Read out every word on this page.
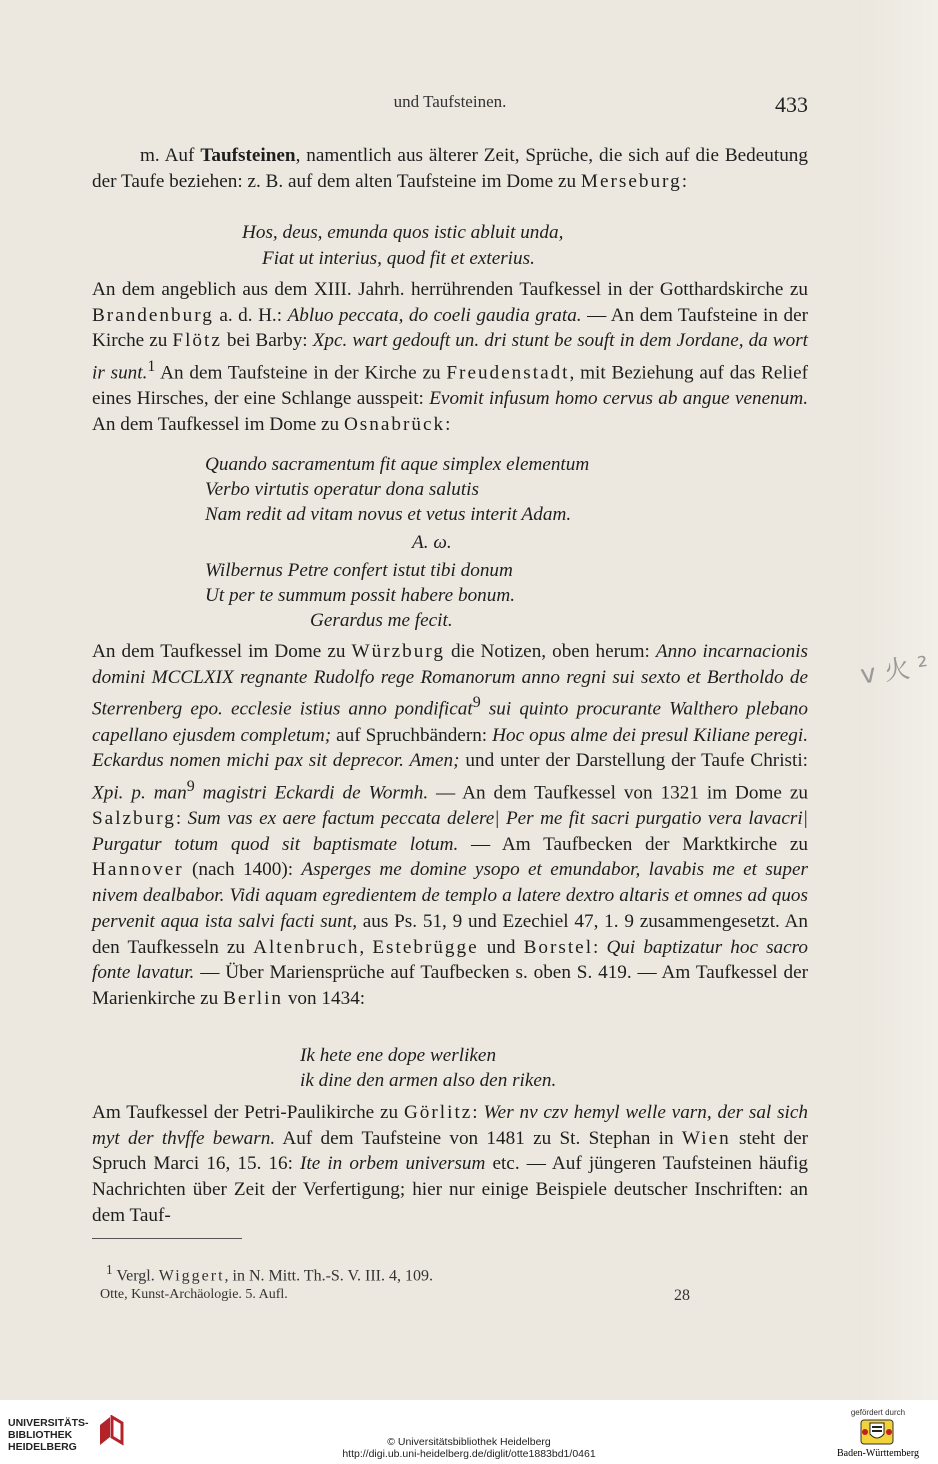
und Taufsteinen.	433

m. Auf Taufsteinen, namentlich aus älterer Zeit, Sprüche, die sich auf die Bedeutung der Taufe beziehen: z. B. auf dem alten Taufsteine im Dome zu Merseburg:

Hos, deus, emunda quos istic abluit unda,
Fiat ut interius, quod fit et exterius.

An dem angeblich aus dem XIII. Jahrh. herrührenden Taufkessel in der Gotthardskirche zu Brandenburg a. d. H.: Abluo peccata, do coeli gaudia grata. — An dem Taufsteine in der Kirche zu Flötz bei Barby: Xpc. wart gedouft un. dri stunt be souft in dem Jordane, da wort ir sunt.$^1$ An dem Taufsteine in der Kirche zu Freudenstadt, mit Beziehung auf das Relief eines Hirsches, der eine Schlange ausspeit: Evomit infusum homo cervus ab angue venenum. An dem Taufkessel im Dome zu Osnabrück:

Quando sacramentum fit aque simplex elementum
Verbo virtutis operatur dona salutis
Nam redit ad vitam novus et vetus interit Adam.
A. ω.
Wilbernus Petre confert istut tibi donum
Ut per te summum possit habere bonum.
Gerardus me fecit.

An dem Taufkessel im Dome zu Würzburg die Notizen, oben herum: Anno incarnacionis domini MCCLXIX regnante Rudolfo rege Romanorum anno regni sui sexto et Bertholdo de Sterrenberg epo. ecclesie istius anno pondificat$^9$ sui quinto procurante Walthero plebano capellano ejusdem completum; auf Spruchbändern: Hoc opus alme dei presul Kiliane peregi. Eckardus nomen michi pax sit deprecor. Amen; und unter der Darstellung der Taufe Christi: Xpi. p. man$^9$ magistri Eckardi de Wormh. — An dem Taufkessel von 1321 im Dome zu Salzburg: Sum vas ex aere factum peccata delere| Per me fit sacri purgatio vera lavacri| Purgatur totum quod sit baptismate lotum. — Am Taufbecken der Marktkirche zu Hannover (nach 1400): Asperges me domine ysopo et emundabor, lavabis me et super nivem dealbabor. Vidi aquam egredientem de templo a latere dextro altaris et omnes ad quos pervenit aqua ista salvi facti sunt, aus Ps. 51, 9 und Ezechiel 47, 1. 9 zusammengesetzt. An den Taufkesseln zu Altenbruch, Estebrügge und Borstel: Qui baptizatur hoc sacro fonte lavatur. — Über Mariensprüche auf Taufbecken s. oben S. 419. — Am Taufkessel der Marienkirche zu Berlin von 1434:

Ik hete ene dope werliken
ik dine den armen also den riken.

Am Taufkessel der Petri-Paulikirche zu Görlitz: Wer nv czv hemyl welle varn, der sal sich myt der thvffe bewarn. Auf dem Taufsteine von 1481 zu St. Stephan in Wien steht der Spruch Marci 16, 15. 16: Ite in orbem universum etc. — Auf jüngeren Taufsteinen häufig Nachrichten über Zeit der Verfertigung; hier nur einige Beispiele deutscher Inschriften: an dem Tauf-

$^1$ Vergl. Wiggert, in N. Mitt. Th.-S. V. III. 4, 109.
Otte, Kunst-Archäologie. 5. Aufl.	28
v 火 ²
UNIVERSITÄTS-
BIBLIOTHEK
HEIDELBERG	© Universitätsbibliothek Heidelberg
http://digi.ub.uni-heidelberg.de/diglit/otte1883bd1/0461
gefördert durch
Baden-Württemberg
